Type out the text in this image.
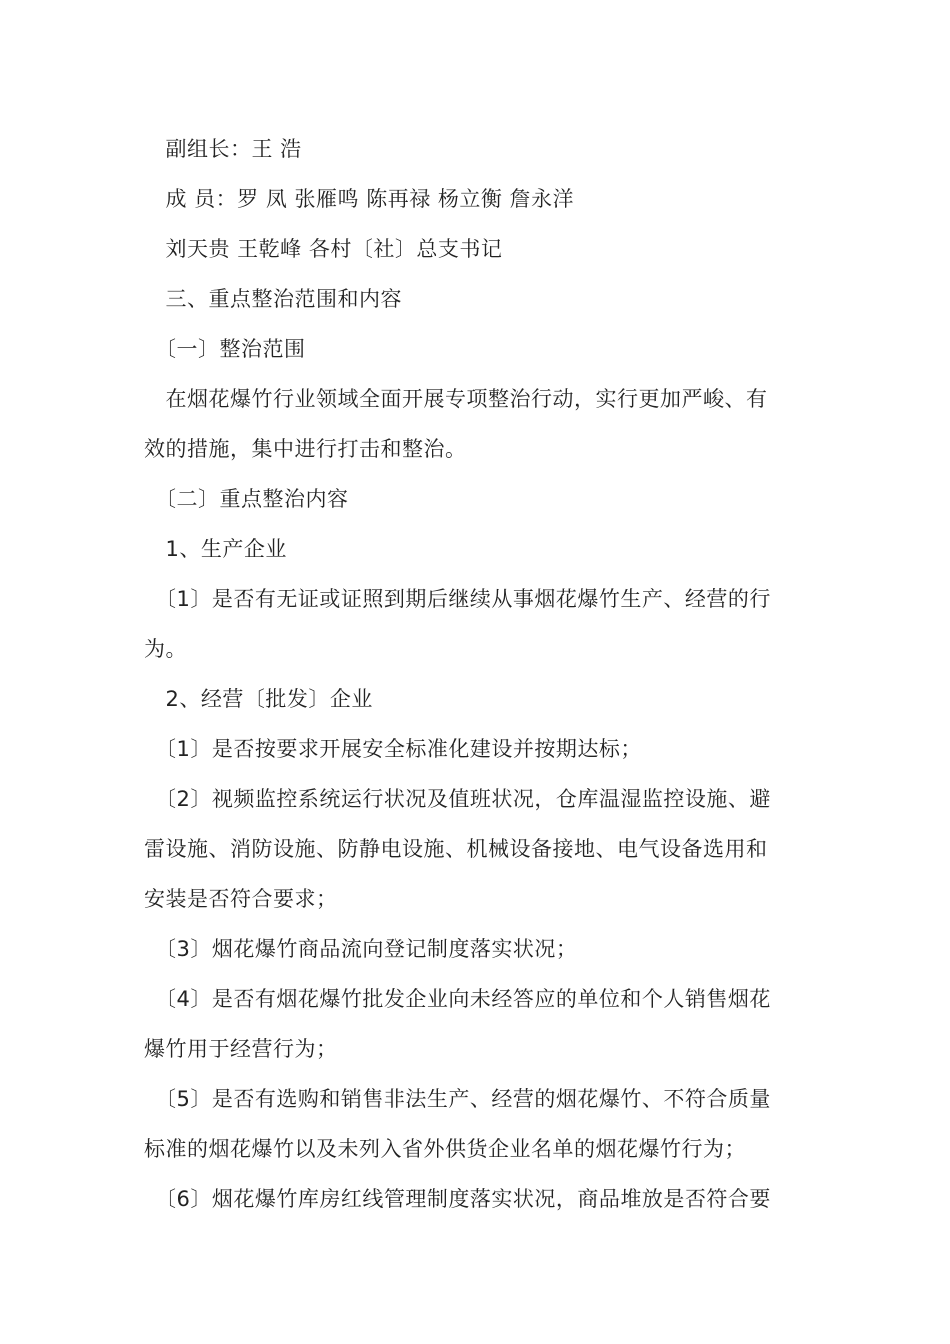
　副组长：王 浩
　成 员：罗 凤 张雁鸣 陈再禄 杨立衡 詹永洋
　刘天贵 王乾峰 各村〔社〕总支书记
　三、重点整治范围和内容
　〔一〕整治范围
　在烟花爆竹行业领域全面开展专项整治行动，实行更加严峻、有
效的措施，集中进行打击和整治。
　〔二〕重点整治内容
　1、生产企业
　〔1〕是否有无证或证照到期后继续从事烟花爆竹生产、经营的行
为。
　2、经营〔批发〕企业
　〔1〕是否按要求开展安全标准化建设并按期达标；
　〔2〕视频监控系统运行状况及值班状况，仓库温湿监控设施、避
雷设施、消防设施、防静电设施、机械设备接地、电气设备选用和
安装是否符合要求；
　〔3〕烟花爆竹商品流向登记制度落实状况；
　〔4〕是否有烟花爆竹批发企业向未经答应的单位和个人销售烟花
爆竹用于经营行为；
　〔5〕是否有选购和销售非法生产、经营的烟花爆竹、不符合质量
标准的烟花爆竹以及未列入省外供货企业名单的烟花爆竹行为；
　〔6〕烟花爆竹库房红线管理制度落实状况，商品堆放是否符合要
